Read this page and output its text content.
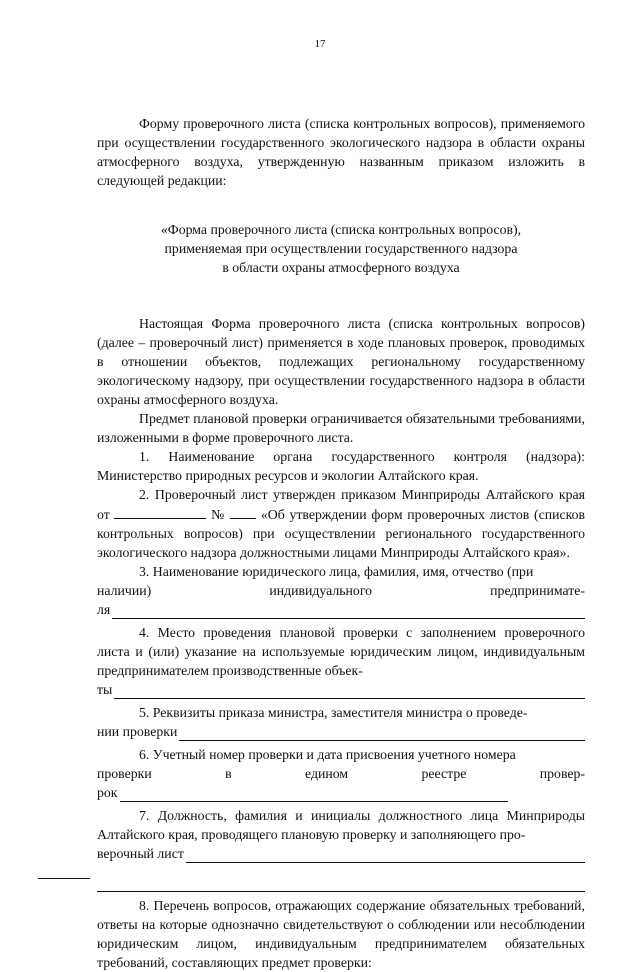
17

Форму проверочного листа (списка контрольных вопросов), применяемого при осуществлении государственного экологического надзора в области охраны атмосферного воздуха, утвержденную названным приказом изложить в следующей редакции:

«Форма проверочного листа (списка контрольных вопросов),
применяемая при осуществлении государственного надзора
в области охраны атмосферного воздуха

Настоящая Форма проверочного листа (списка контрольных вопросов) (далее – проверочный лист) применяется в ходе плановых проверок, проводимых в отношении объектов, подлежащих региональному государственному экологическому надзору, при осуществлении государственного надзора в области охраны атмосферного воздуха.

Предмет плановой проверки ограничивается обязательными требованиями, изложенными в форме проверочного листа.

1. Наименование органа государственного контроля (надзора): Министерство природных ресурсов и экологии Алтайского края.

2. Проверочный лист утвержден приказом Минприроды Алтайского края от	№	«Об утверждении форм проверочных листов (списков контрольных вопросов) при осуществлении регионального государственного экологического надзора должностными лицами Минприроды Алтайского края».

3. Наименование юридического лица, фамилия, имя, отчество (при

наличии) индивидуального предпринимате-

ля

4. Место проведения плановой проверки с заполнением проверочного листа и (или) указание на используемые юридическим лицом, индивидуальным предпринимателем производственные объек-

ты

5. Реквизиты приказа министра, заместителя министра о проведе-

нии проверки

6. Учетный номер проверки и дата присвоения учетного номера

проверки в едином реестре провер-

рок

7. Должность, фамилия и инициалы должностного лица Минприроды Алтайского края, проводящего плановую проверку и заполняющего про-

верочный лист

8. Перечень вопросов, отражающих содержание обязательных требований, ответы на которые однозначно свидетельствуют о соблюдении или несоблюдении юридическим лицом, индивидуальным предпринимателем обязательных требований, составляющих предмет проверки:
